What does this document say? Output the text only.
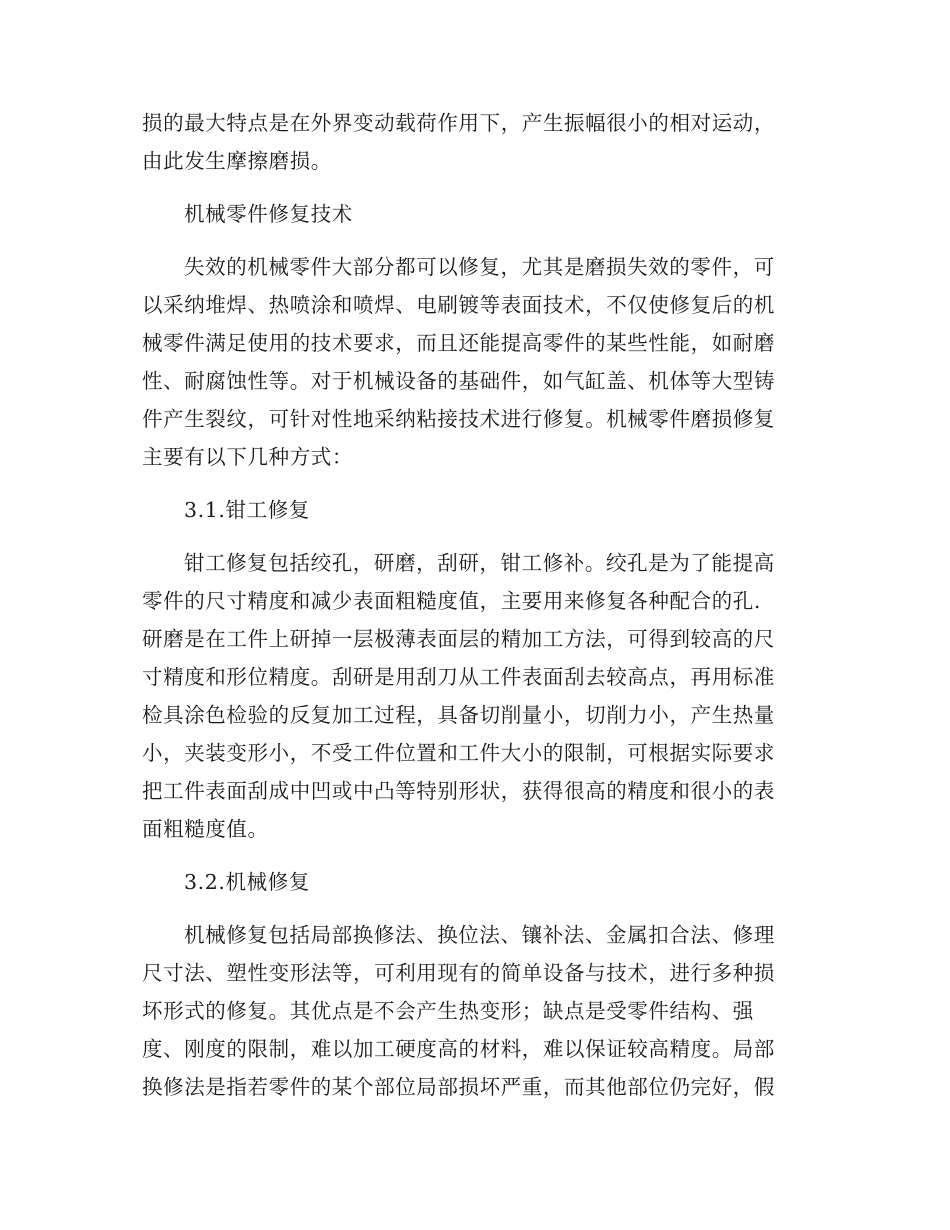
损的最大特点是在外界变动载荷作用下，产生振幅很小的相对运动，
由此发生摩擦磨损。
机械零件修复技术
失效的机械零件大部分都可以修复，尤其是磨损失效的零件，可
以采纳堆焊、热喷涂和喷焊、电刷镀等表面技术，不仅使修复后的机
械零件满足使用的技术要求，而且还能提高零件的某些性能，如耐磨
性、耐腐蚀性等。对于机械设备的基础件，如气缸盖、机体等大型铸
件产生裂纹，可针对性地采纳粘接技术进行修复。机械零件磨损修复
主要有以下几种方式：
3.1.钳工修复
钳工修复包括绞孔，研磨，刮研，钳工修补。绞孔是为了能提高
零件的尺寸精度和减少表面粗糙度值，主要用来修复各种配合的孔.
研磨是在工件上研掉一层极薄表面层的精加工方法，可得到较高的尺
寸精度和形位精度。刮研是用刮刀从工件表面刮去较高点，再用标准
检具涂色检验的反复加工过程，具备切削量小，切削力小，产生热量
小，夹装变形小，不受工件位置和工件大小的限制，可根据实际要求
把工件表面刮成中凹或中凸等特别形状，获得很高的精度和很小的表
面粗糙度值。
3.2.机械修复
机械修复包括局部换修法、换位法、镶补法、金属扣合法、修理
尺寸法、塑性变形法等，可利用现有的简单设备与技术，进行多种损
坏形式的修复。其优点是不会产生热变形；缺点是受零件结构、强
度、刚度的限制，难以加工硬度高的材料，难以保证较高精度。局部
换修法是指若零件的某个部位局部损坏严重，而其他部位仍完好，假
